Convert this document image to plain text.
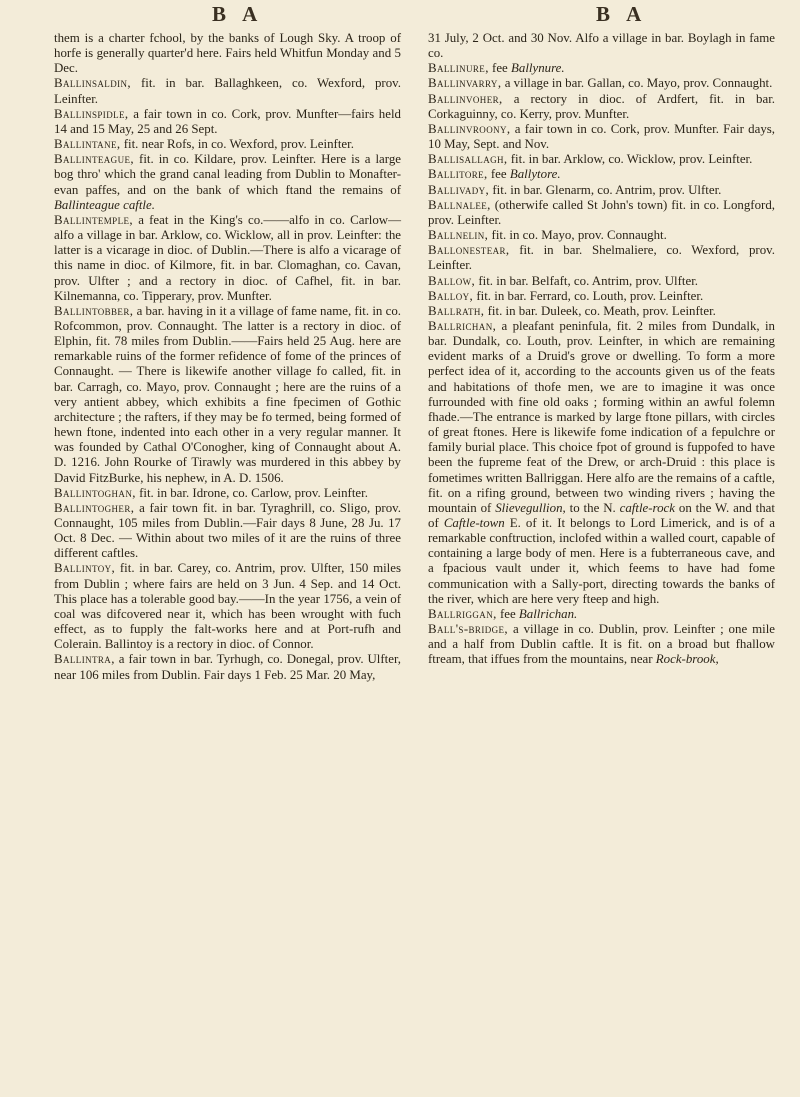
B A	B A

them is a charter fchool, by the banks of Lough Sky. A troop of horfe is generally quarter'd here. Fairs held Whitfun Monday and 5 Dec.

Ballinsaldin, fit. in bar. Ballaghkeen, co. Wexford, prov. Leinfter.

Ballinspidle, a fair town in co. Cork, prov. Munfter—fairs held 14 and 15 May, 25 and 26 Sept.

Ballintane, fit. near Rofs, in co. Wexford, prov. Leinfter.

Ballinteague, fit. in co. Kildare, prov. Leinfter. Here is a large bog thro' which the grand canal leading from Dublin to Monafter-evan paffes, and on the bank of which ftand the remains of Ballinteague caftle.

Ballintemple, a feat in the King's co.——alfo in co. Carlow—alfo a village in bar. Arklow, co. Wicklow, all in prov. Leinfter: the latter is a vicarage in dioc. of Dublin.—There is alfo a vicarage of this name in dioc. of Kilmore, fit. in bar. Clomaghan, co. Cavan, prov. Ulfter ; and a rectory in dioc. of Cafhel, fit. in bar. Kilnemanna, co. Tipperary, prov. Munfter.

Ballintobber, a bar. having in it a village of fame name, fit. in co. Rofcommon, prov. Connaught. The latter is a rectory in dioc. of Elphin, fit. 78 miles from Dublin.——Fairs held 25 Aug. here are remarkable ruins of the former refidence of fome of the princes of Connaught. — There is likewife another village fo called, fit. in bar. Carragh, co. Mayo, prov. Connaught ; here are the ruins of a very antient abbey, which exhibits a fine fpecimen of Gothic architecture ; the rafters, if they may be fo termed, being formed of hewn ftone, indented into each other in a very regular manner. It was founded by Cathal O'Conogher, king of Connaught about A. D. 1216. John Rourke of Tirawly was murdered in this abbey by David FitzBurke, his nephew, in A. D. 1506.

Ballintoghan, fit. in bar. Idrone, co. Carlow, prov. Leinfter.

Ballintogher, a fair town fit. in bar. Tyraghrill, co. Sligo, prov. Connaught, 105 miles from Dublin.—Fair days 8 June, 28 Ju. 17 Oct. 8 Dec. — Within about two miles of it are the ruins of three different caftles.

Ballintoy, fit. in bar. Carey, co. Antrim, prov. Ulfter, 150 miles from Dublin ; where fairs are held on 3 Jun. 4 Sep. and 14 Oct. This place has a tolerable good bay.——In the year 1756, a vein of coal was difcovered near it, which has been wrought with fuch effect, as to fupply the falt-works here and at Port-rufh and Colerain. Ballintoy is a rectory in dioc. of Connor.

Ballintra, a fair town in bar. Tyrhugh, co. Donegal, prov. Ulfter, near 106 miles from Dublin. Fair days 1 Feb. 25 Mar. 20 May,

31 July, 2 Oct. and 30 Nov. Alfo a village in bar. Boylagh in fame co.

Ballinure, fee Ballynure.

Ballinvarry, a village in bar. Gallan, co. Mayo, prov. Connaught.

Ballinvoher, a rectory in dioc. of Ardfert, fit. in bar. Corkaguinny, co. Kerry, prov. Munfter.

Ballinvroony, a fair town in co. Cork, prov. Munfter. Fair days, 10 May, Sept. and Nov.

Ballisallagh, fit. in bar. Arklow, co. Wicklow, prov. Leinfter.

Ballitore, fee Ballytore.

Ballivady, fit. in bar. Glenarm, co. Antrim, prov. Ulfter.

Ballnalee, (otherwife called St John's town) fit. in co. Longford, prov. Leinfter.

Ballnelin, fit. in co. Mayo, prov. Connaught.

Ballonestear, fit. in bar. Shelmaliere, co. Wexford, prov. Leinfter.

Ballow, fit. in bar. Belfaft, co. Antrim, prov. Ulfter.

Balloy, fit. in bar. Ferrard, co. Louth, prov. Leinfter.

Ballrath, fit. in bar. Duleek, co. Meath, prov. Leinfter.

Ballrichan, a pleafant peninfula, fit. 2 miles from Dundalk, in bar. Dundalk, co. Louth, prov. Leinfter, in which are remaining evident marks of a Druid's grove or dwelling. To form a more perfect idea of it, according to the accounts given us of the feats and habitations of thofe men, we are to imagine it was once furrounded with fine old oaks ; forming within an awful folemn fhade.—The entrance is marked by large ftone pillars, with circles of great ftones. Here is likewife fome indication of a fepulchre or family burial place. This choice fpot of ground is fuppofed to have been the fupreme feat of the Drew, or arch-Druid : this place is fometimes written Ballriggan. Here alfo are the remains of a caftle, fit. on a rifing ground, between two winding rivers ; having the mountain of Slievegullion, to the N. caftle-rock on the W. and that of Caftle-town E. of it. It belongs to Lord Limerick, and is of a remarkable conftruction, inclofed within a walled court, capable of containing a large body of men. Here is a fubterraneous cave, and a fpacious vault under it, which feems to have had fome communication with a Sally-port, directing towards the banks of the river, which are here very fteep and high.

Ballriggan, fee Ballrichan.

Ball's-bridge, a village in co. Dublin, prov. Leinfter ; one mile and a half from Dublin caftle. It is fit. on a broad but fhallow ftream, that iffues from the mountains, near Rock-brook,
